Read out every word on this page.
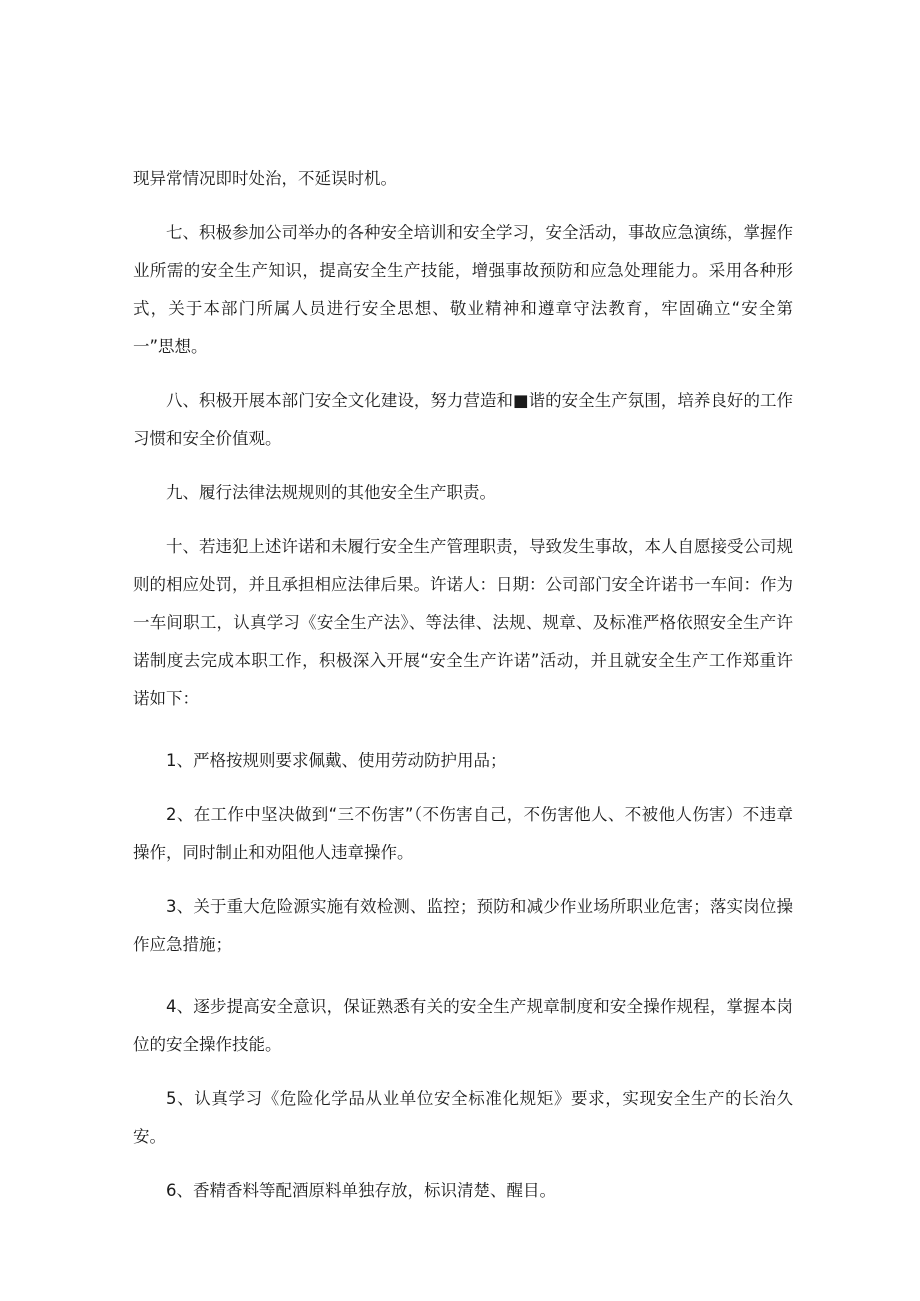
现异常情况即时处治，不延误时机。

七、积极参加公司举办的各种安全培训和安全学习，安全活动，事故应急演练，掌握作业所需的安全生产知识，提高安全生产技能，增强事故预防和应急处理能力。采用各种形式，关于本部门所属人员进行安全思想、敬业精神和遵章守法教育，牢固确立“安全第一”思想。

八、积极开展本部门安全文化建设，努力营造和■谐的安全生产氛围，培养良好的工作习惯和安全价值观。

九、履行法律法规规则的其他安全生产职责。

十、若违犯上述许诺和未履行安全生产管理职责，导致发生事故，本人自愿接受公司规则的相应处罚，并且承担相应法律后果。许诺人：日期：公司部门安全许诺书一车间：作为一车间职工，认真学习《安全生产法》、等法律、法规、规章、及标准严格依照安全生产许诺制度去完成本职工作，积极深入开展“安全生产许诺”活动，并且就安全生产工作郑重许诺如下：

1、严格按规则要求佩戴、使用劳动防护用品；

2、在工作中坚决做到“三不伤害”（不伤害自己，不伤害他人、不被他人伤害）不违章操作，同时制止和劝阻他人违章操作。

3、关于重大危险源实施有效检测、监控；预防和减少作业场所职业危害；落实岗位操作应急措施；

4、逐步提高安全意识，保证熟悉有关的安全生产规章制度和安全操作规程，掌握本岗位的安全操作技能。

5、认真学习《危险化学品从业单位安全标准化规矩》要求，实现安全生产的长治久安。

6、香精香料等配酒原料单独存放，标识清楚、醒目。
